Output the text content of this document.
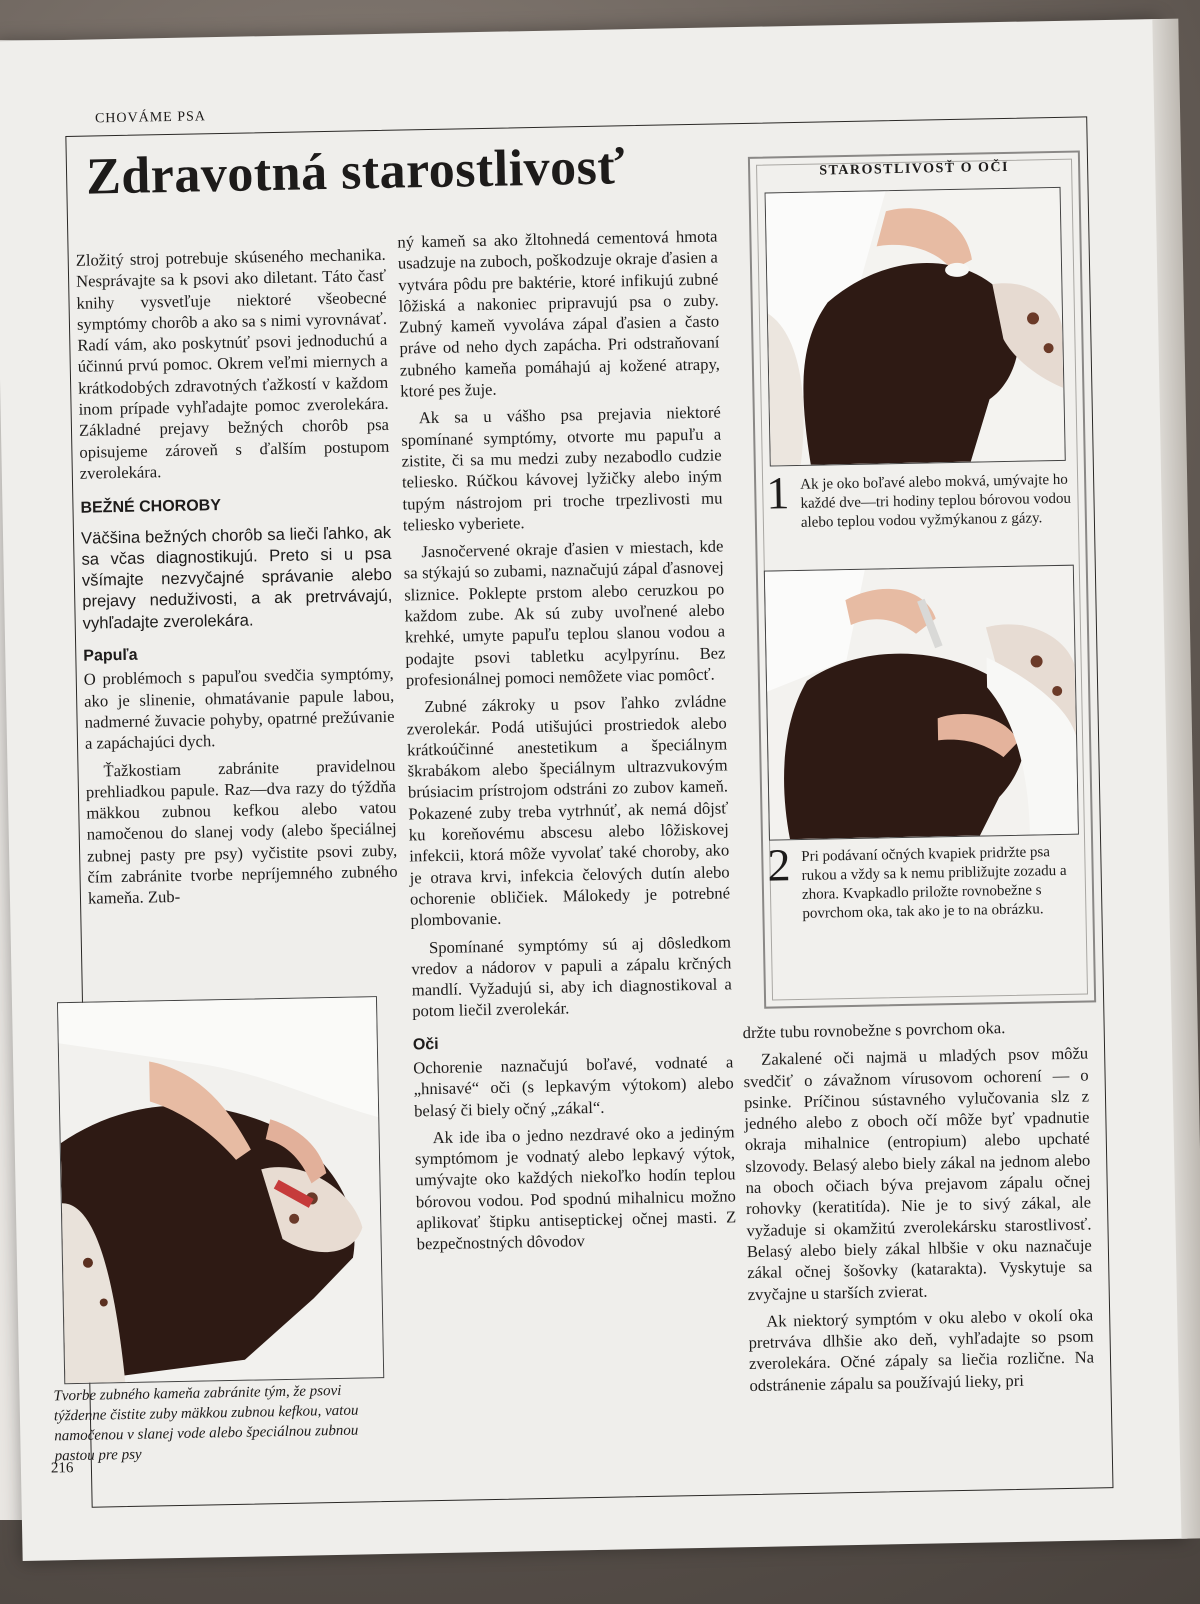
CHOVÁME PSA
Zdravotná starostlivosť

Zložitý stroj potrebuje skúseného mechanika. Nesprávajte sa k psovi ako diletant. Táto časť knihy vysvetľuje niektoré všeobecné symptómy chorôb a ako sa s nimi vyrovnávať. Radí vám, ako poskytnúť psovi jednoduchú a účinnú prvú pomoc. Okrem veľmi miernych a krátkodobých zdravotných ťažkostí v každom inom prípade vyhľadajte pomoc zverolekára. Základné prejavy bežných chorôb psa opisujeme zároveň s ďalším postupom zverolekára.

BEŽNÉ CHOROBY

Väčšina bežných chorôb sa lieči ľahko, ak sa včas diagnostikujú. Preto si u psa všímajte nezvyčajné správanie alebo prejavy neduživosti, a ak pretrvávajú, vyhľadajte zverolekára.

Papuľa

O problémoch s papuľou svedčia symptómy, ako je slinenie, ohmatávanie papule labou, nadmerné žuvacie pohyby, opatrné prežúvanie a zapáchajúci dych.

Ťažkostiam zabránite pravidelnou prehliadkou papule. Raz—dva razy do týždňa mäkkou zubnou kefkou alebo vatou namočenou do slanej vody (alebo špeciálnej zubnej pasty pre psy) vyčistite psovi zuby, čím zabránite tvorbe nepríjemného zubného kameňa. Zub-

Tvorbe zubného kameňa zabránite tým, že psovi týždenne čistite zuby mäkkou zubnou kefkou, vatou namočenou v slanej vode alebo špeciálnou zubnou pastou pre psy

ný kameň sa ako žltohnedá cementová hmota usadzuje na zuboch, poškodzuje okraje ďasien a vytvára pôdu pre baktérie, ktoré infikujú zubné lôžiská a nakoniec pripravujú psa o zuby. Zubný kameň vyvoláva zápal ďasien a často práve od neho dych zapácha. Pri odstraňovaní zubného kameňa pomáhajú aj kožené atrapy, ktoré pes žuje.

Ak sa u vášho psa prejavia niektoré spomínané symptómy, otvorte mu papuľu a zistite, či sa mu medzi zuby nezabodlo cudzie teliesko. Rúčkou kávovej lyžičky alebo iným tupým nástrojom pri troche trpezlivosti mu teliesko vyberiete.

Jasnočervené okraje ďasien v miestach, kde sa stýkajú so zubami, naznačujú zápal ďasnovej sliznice. Poklepte prstom alebo ceruzkou po každom zube. Ak sú zuby uvoľnené alebo krehké, umyte papuľu teplou slanou vodou a podajte psovi tabletku acylpyrínu. Bez profesionálnej pomoci nemôžete viac pomôcť.

Zubné zákroky u psov ľahko zvládne zverolekár. Podá utišujúci prostriedok alebo krátkoúčinné anestetikum a špeciálnym škrabákom alebo špeciálnym ultrazvukovým brúsiacim prístrojom odstráni zo zubov kameň. Pokazené zuby treba vytrhnúť, ak nemá dôjsť ku koreňovému abscesu alebo lôžiskovej infekcii, ktorá môže vyvolať také choroby, ako je otrava krvi, infekcia čelových dutín alebo ochorenie obličiek. Málokedy je potrebné plombovanie.

Spomínané symptómy sú aj dôsledkom vredov a nádorov v papuli a zápalu krčných mandlí. Vyžadujú si, aby ich diagnostikoval a potom liečil zverolekár.

Oči

Ochorenie naznačujú boľavé, vodnaté a „hnisavé“ oči (s lepkavým výtokom) alebo belasý či biely očný „zákal“.

Ak ide iba o jedno nezdravé oko a jediným symptómom je vodnatý alebo lepkavý výtok, umývajte oko každých niekoľko hodín teplou bórovou vodou. Pod spodnú mihalnicu možno aplikovať štipku antiseptickej očnej masti. Z bezpečnostných dôvodov

STAROSTLIVOSŤ O OČI
1 Ak je oko boľavé alebo mokvá, umývajte ho každé dve—tri hodiny teplou bórovou vodou alebo teplou vodou vyžmýkanou z gázy.
2 Pri podávaní očných kvapiek pridržte psa rukou a vždy sa k nemu približujte zozadu a zhora. Kvapkadlo priložte rovnobežne s povrchom oka, tak ako je to na obrázku.

držte tubu rovnobežne s povrchom oka.

Zakalené oči najmä u mladých psov môžu svedčiť o závažnom vírusovom ochorení — o psinke. Príčinou sústavného vylučovania slz z jedného alebo z oboch očí môže byť vpadnutie okraja mihalnice (entropium) alebo upchaté slzovody. Belasý alebo biely zákal na jednom alebo na oboch očiach býva prejavom zápalu očnej rohovky (keratitída). Nie je to sivý zákal, ale vyžaduje si okamžitú zverolekársku starostlivosť. Belasý alebo biely zákal hlbšie v oku naznačuje zákal očnej šošovky (katarakta). Vyskytuje sa zvyčajne u starších zvierat.

Ak niektorý symptóm v oku alebo v okolí oka pretrváva dlhšie ako deň, vyhľadajte so psom zverolekára. Očné zápaly sa liečia rozlične. Na odstránenie zápalu sa používajú lieky, pri

216
